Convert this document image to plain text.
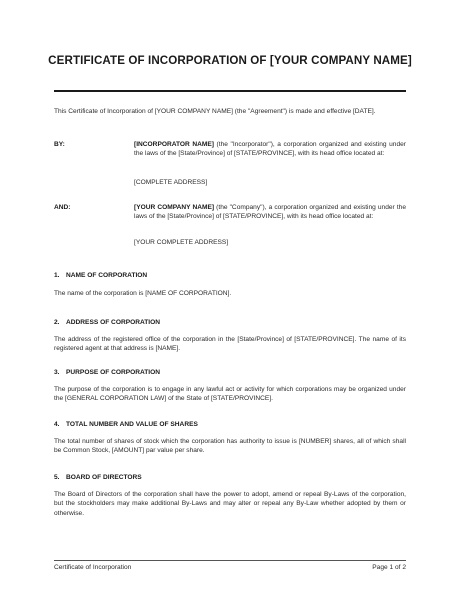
CERTIFICATE OF INCORPORATION OF [YOUR COMPANY NAME]
This Certificate of Incorporation of [YOUR COMPANY NAME] (the "Agreement") is made and effective [DATE].
BY:	[INCORPORATOR NAME] (the "Incorporator"), a corporation organized and existing under the laws of the [State/Province] of [STATE/PROVINCE], with its head office located at:
[COMPLETE ADDRESS]
AND:	[YOUR COMPANY NAME] (the "Company"), a corporation organized and existing under the laws of the [State/Province] of [STATE/PROVINCE], with its head office located at:
[YOUR COMPLETE ADDRESS]
1. NAME OF CORPORATION
The name of the corporation is [NAME OF CORPORATION].
2. ADDRESS OF CORPORATION
The address of the registered office of the corporation in the [State/Province] of [STATE/PROVINCE]. The name of its registered agent at that address is [NAME].
3. PURPOSE OF CORPORATION
The purpose of the corporation is to engage in any lawful act or activity for which corporations may be organized under the [GENERAL CORPORATION LAW] of the State of [STATE/PROVINCE].
4. TOTAL NUMBER AND VALUE OF SHARES
The total number of shares of stock which the corporation has authority to issue is [NUMBER] shares, all of which shall be Common Stock, [AMOUNT] par value per share.
5. BOARD OF DIRECTORS
The Board of Directors of the corporation shall have the power to adopt, amend or repeal By-Laws of the corporation, but the stockholders may make additional By-Laws and may alter or repeal any By-Law whether adopted by them or otherwise.
Certificate of Incorporation	Page 1 of 2
